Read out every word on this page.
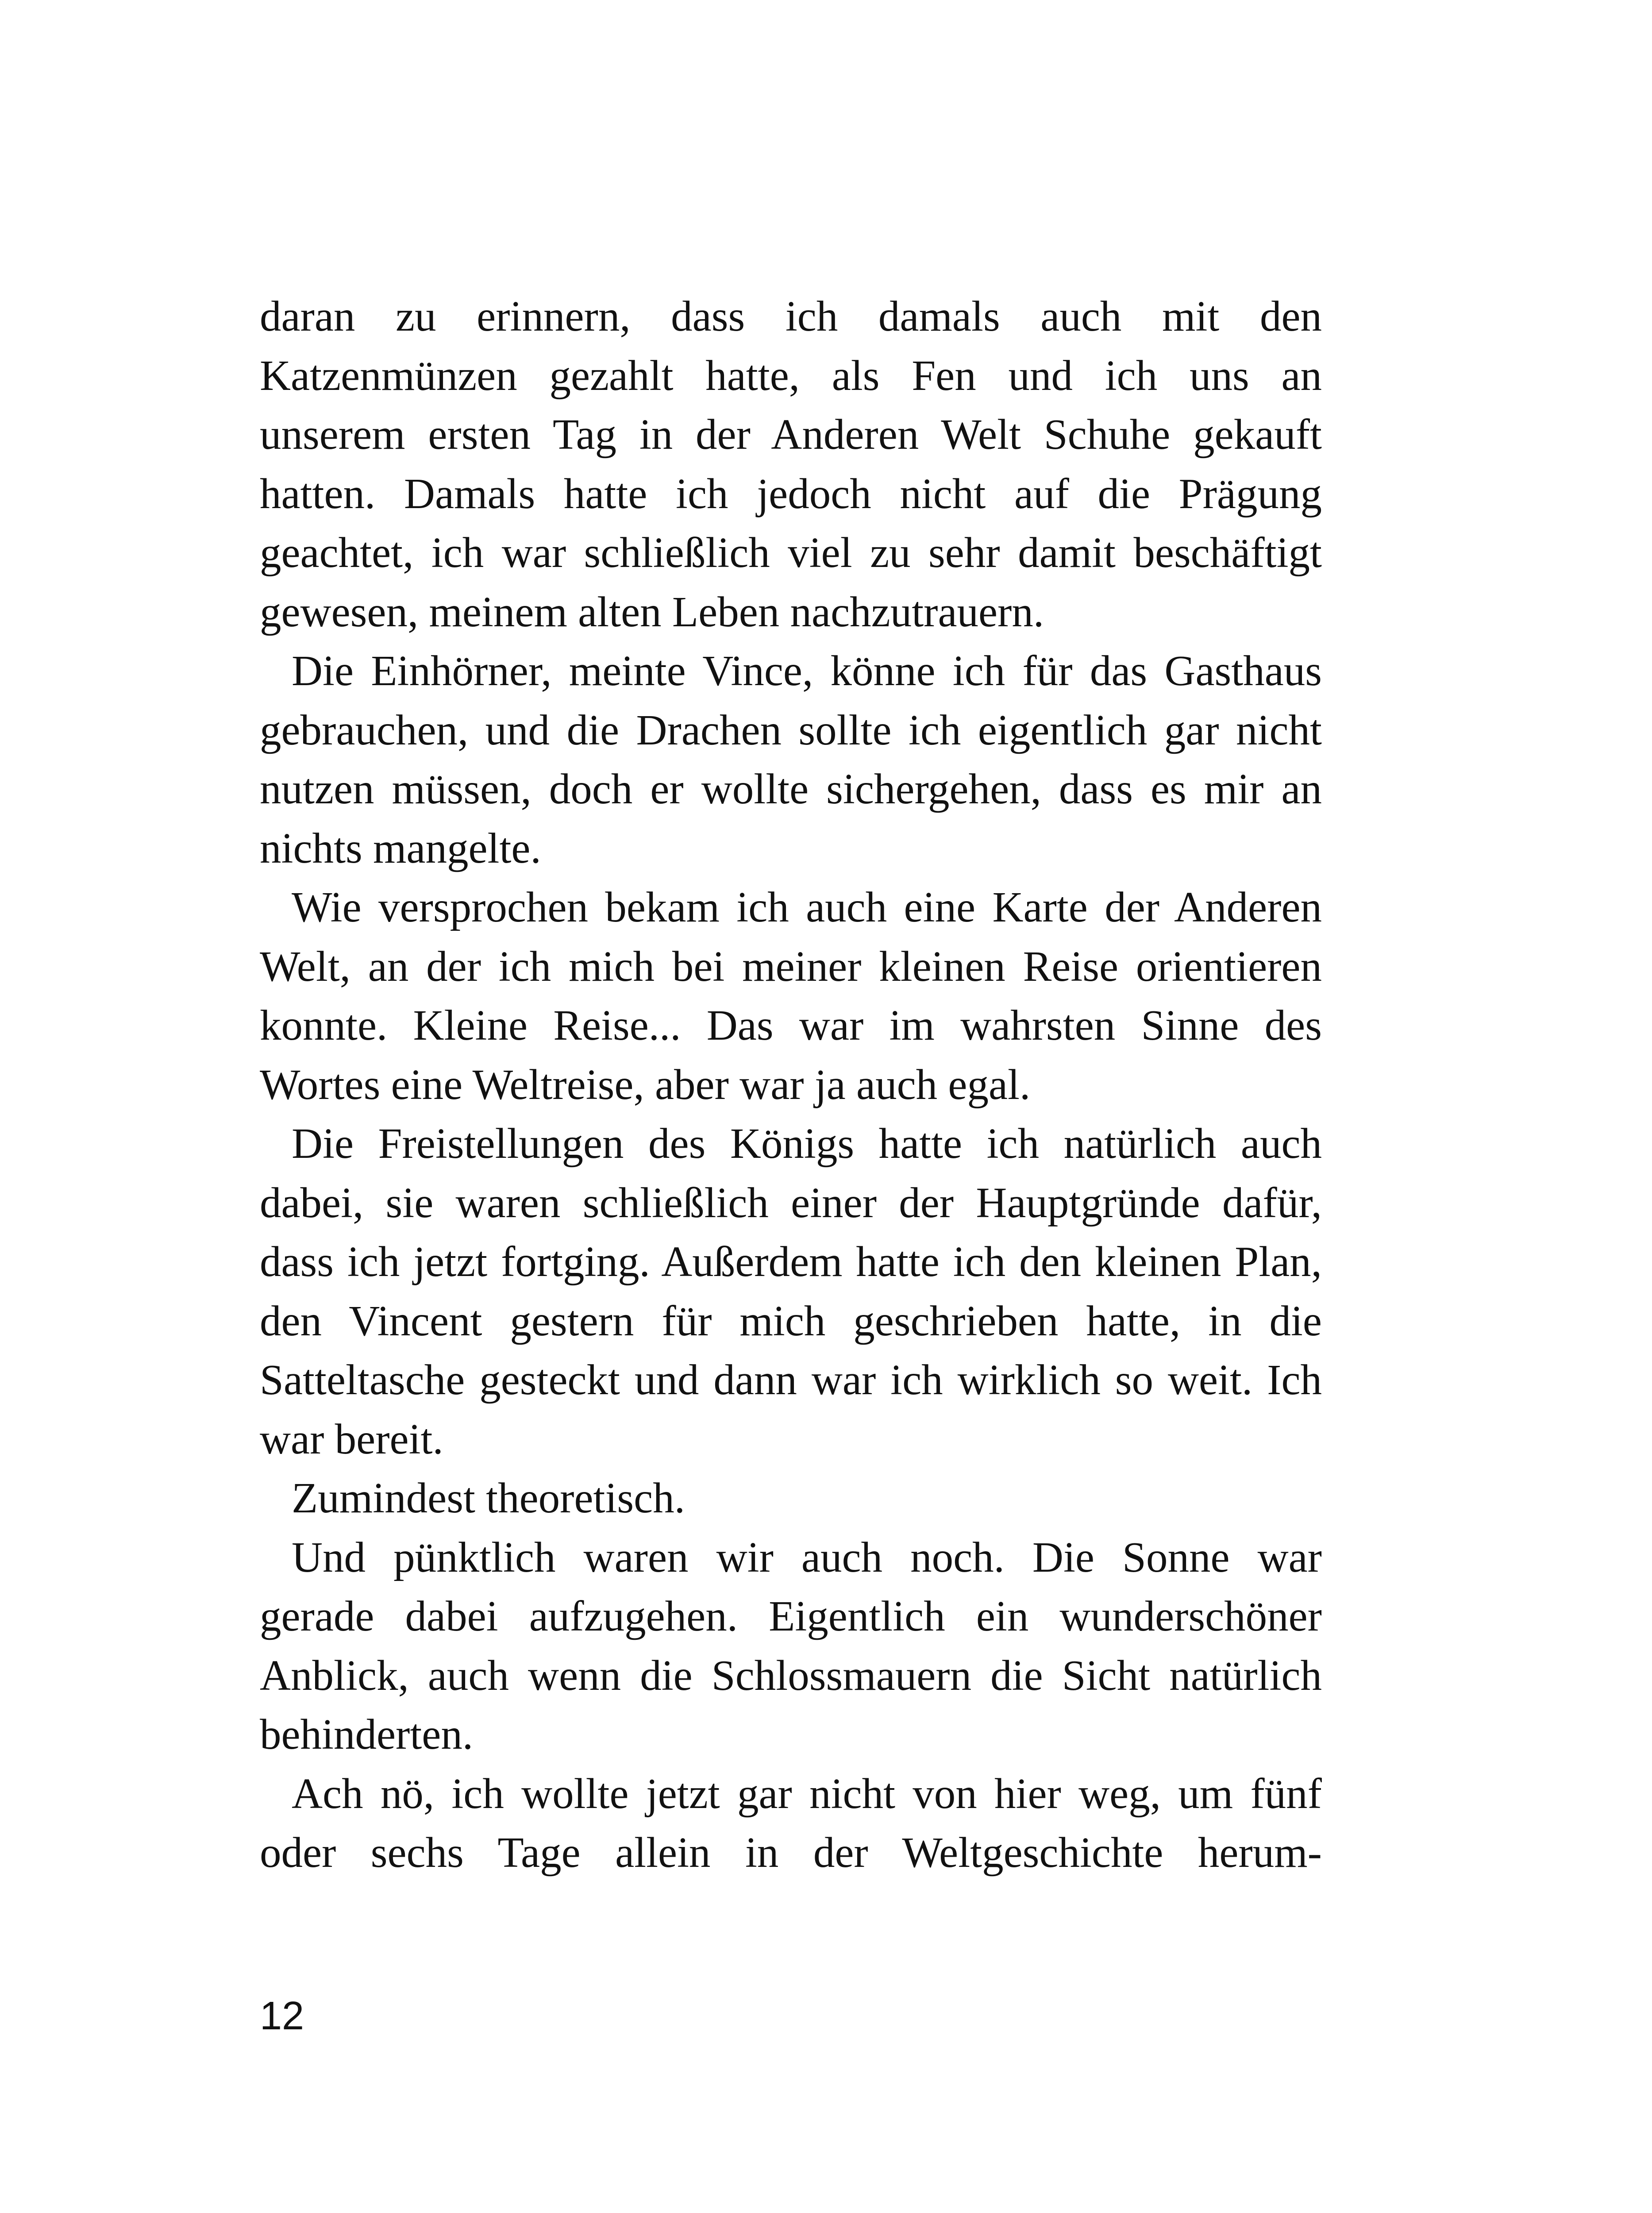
daran zu erinnern, dass ich damals auch mit den
Katzenmünzen gezahlt hatte, als Fen und ich uns an
unserem ersten Tag in der Anderen Welt Schuhe gekauft
hatten. Damals hatte ich jedoch nicht auf die Prägung
geachtet, ich war schließlich viel zu sehr damit beschäftigt
gewesen, meinem alten Leben nachzutrauern.
Die Einhörner, meinte Vince, könne ich für das Gasthaus
gebrauchen, und die Drachen sollte ich eigentlich gar nicht
nutzen müssen, doch er wollte sichergehen, dass es mir an
nichts mangelte.
Wie versprochen bekam ich auch eine Karte der Anderen
Welt, an der ich mich bei meiner kleinen Reise orientieren
konnte. Kleine Reise... Das war im wahrsten Sinne des
Wortes eine Weltreise, aber war ja auch egal.
Die Freistellungen des Königs hatte ich natürlich auch
dabei, sie waren schließlich einer der Hauptgründe dafür,
dass ich jetzt fortging. Außerdem hatte ich den kleinen Plan,
den Vincent gestern für mich geschrieben hatte, in die
Satteltasche gesteckt und dann war ich wirklich so weit. Ich
war bereit.
Zumindest theoretisch.
Und pünktlich waren wir auch noch. Die Sonne war
gerade dabei aufzugehen. Eigentlich ein wunderschöner
Anblick, auch wenn die Schlossmauern die Sicht natürlich
behinderten.
Ach nö, ich wollte jetzt gar nicht von hier weg, um fünf
oder sechs Tage allein in der Weltgeschichte herum-
12
